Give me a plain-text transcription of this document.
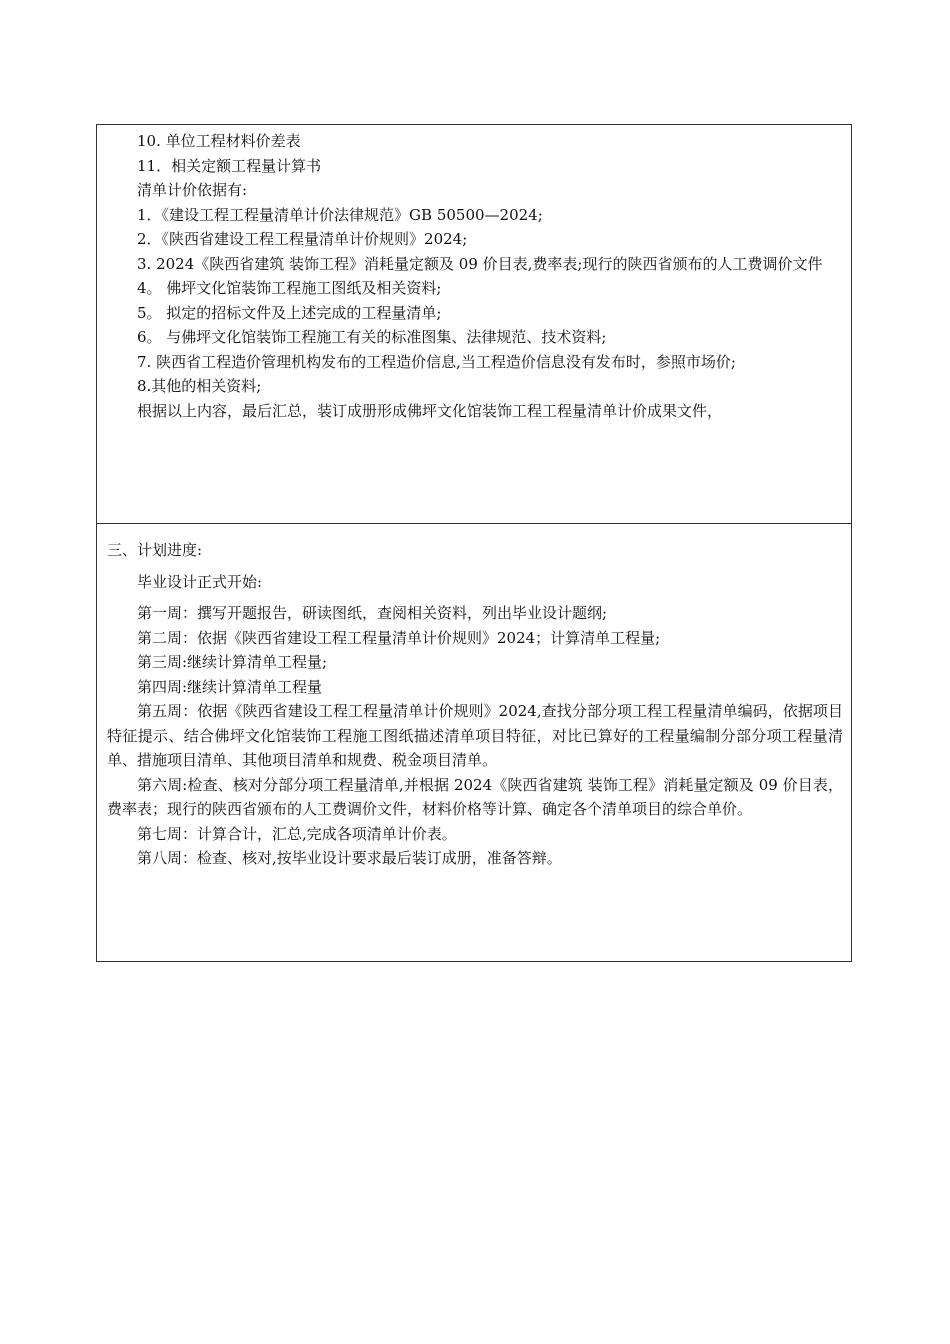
10. 单位工程材料价差表

11．相关定额工程量计算书

清单计价依据有:

1．《建设工程工程量清单计价法律规范》GB 50500—2024;

2．《陕西省建设工程工程量清单计价规则》2024;

3. 2024《陕西省建筑 装饰工程》消耗量定额及 09 价目表,费率表;现行的陕西省颁布的人工费调价文件

4。 佛坪文化馆装饰工程施工图纸及相关资料;

5。 拟定的招标文件及上述完成的工程量清单;

6。 与佛坪文化馆装饰工程施工有关的标准图集、法律规范、技术资料;

7. 陕西省工程造价管理机构发布的工程造价信息,当工程造价信息没有发布时，参照市场价;

8.其他的相关资料;

根据以上内容，最后汇总，装订成册形成佛坪文化馆装饰工程工程量清单计价成果文件，

三、计划进度:

毕业设计正式开始:

第一周：撰写开题报告，研读图纸，查阅相关资料，列出毕业设计题纲;

第二周：依据《陕西省建设工程工程量清单计价规则》2024；计算清单工程量;

第三周:继续计算清单工程量;

第四周:继续计算清单工程量

第五周：依据《陕西省建设工程工程量清单计价规则》2024,查找分部分项工程工程量清单编码，依据项目特征提示、结合佛坪文化馆装饰工程施工图纸描述清单项目特征，对比已算好的工程量编制分部分项工程量清单、措施项目清单、其他项目清单和规费、税金项目清单。

第六周:检查、核对分部分项工程量清单,并根据 2024《陕西省建筑 装饰工程》消耗量定额及 09 价目表，费率表；现行的陕西省颁布的人工费调价文件，材料价格等计算、确定各个清单项目的综合单价。

第七周：计算合计，汇总,完成各项清单计价表。

第八周：检查、核对,按毕业设计要求最后装订成册，准备答辩。
